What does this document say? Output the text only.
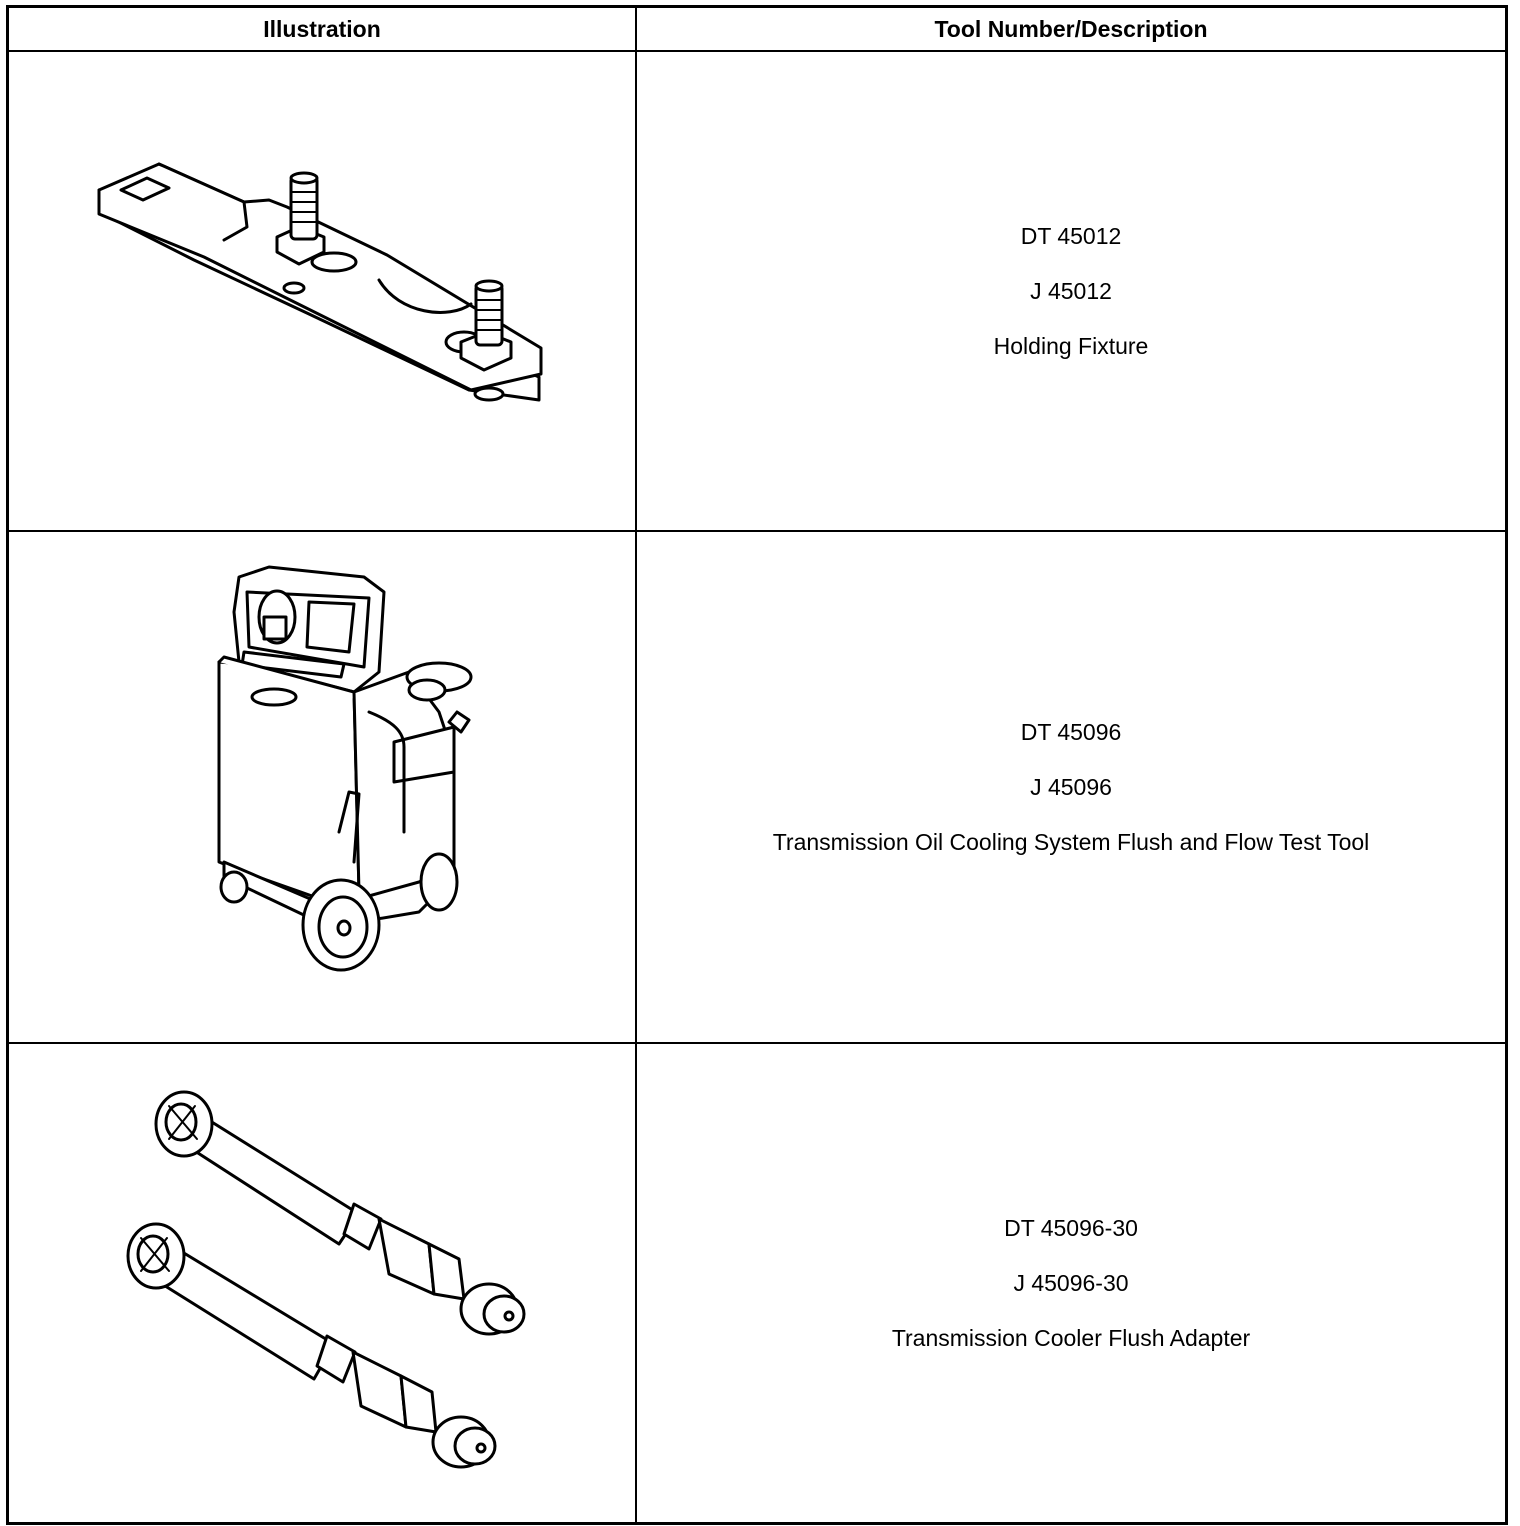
Illustration	Tool Number/Description

DT 45012
J 45012
Holding Fixture

DT 45096
J 45096
Transmission Oil Cooling System Flush and Flow Test Tool

DT 45096-30
J 45096-30
Transmission Cooler Flush Adapter
